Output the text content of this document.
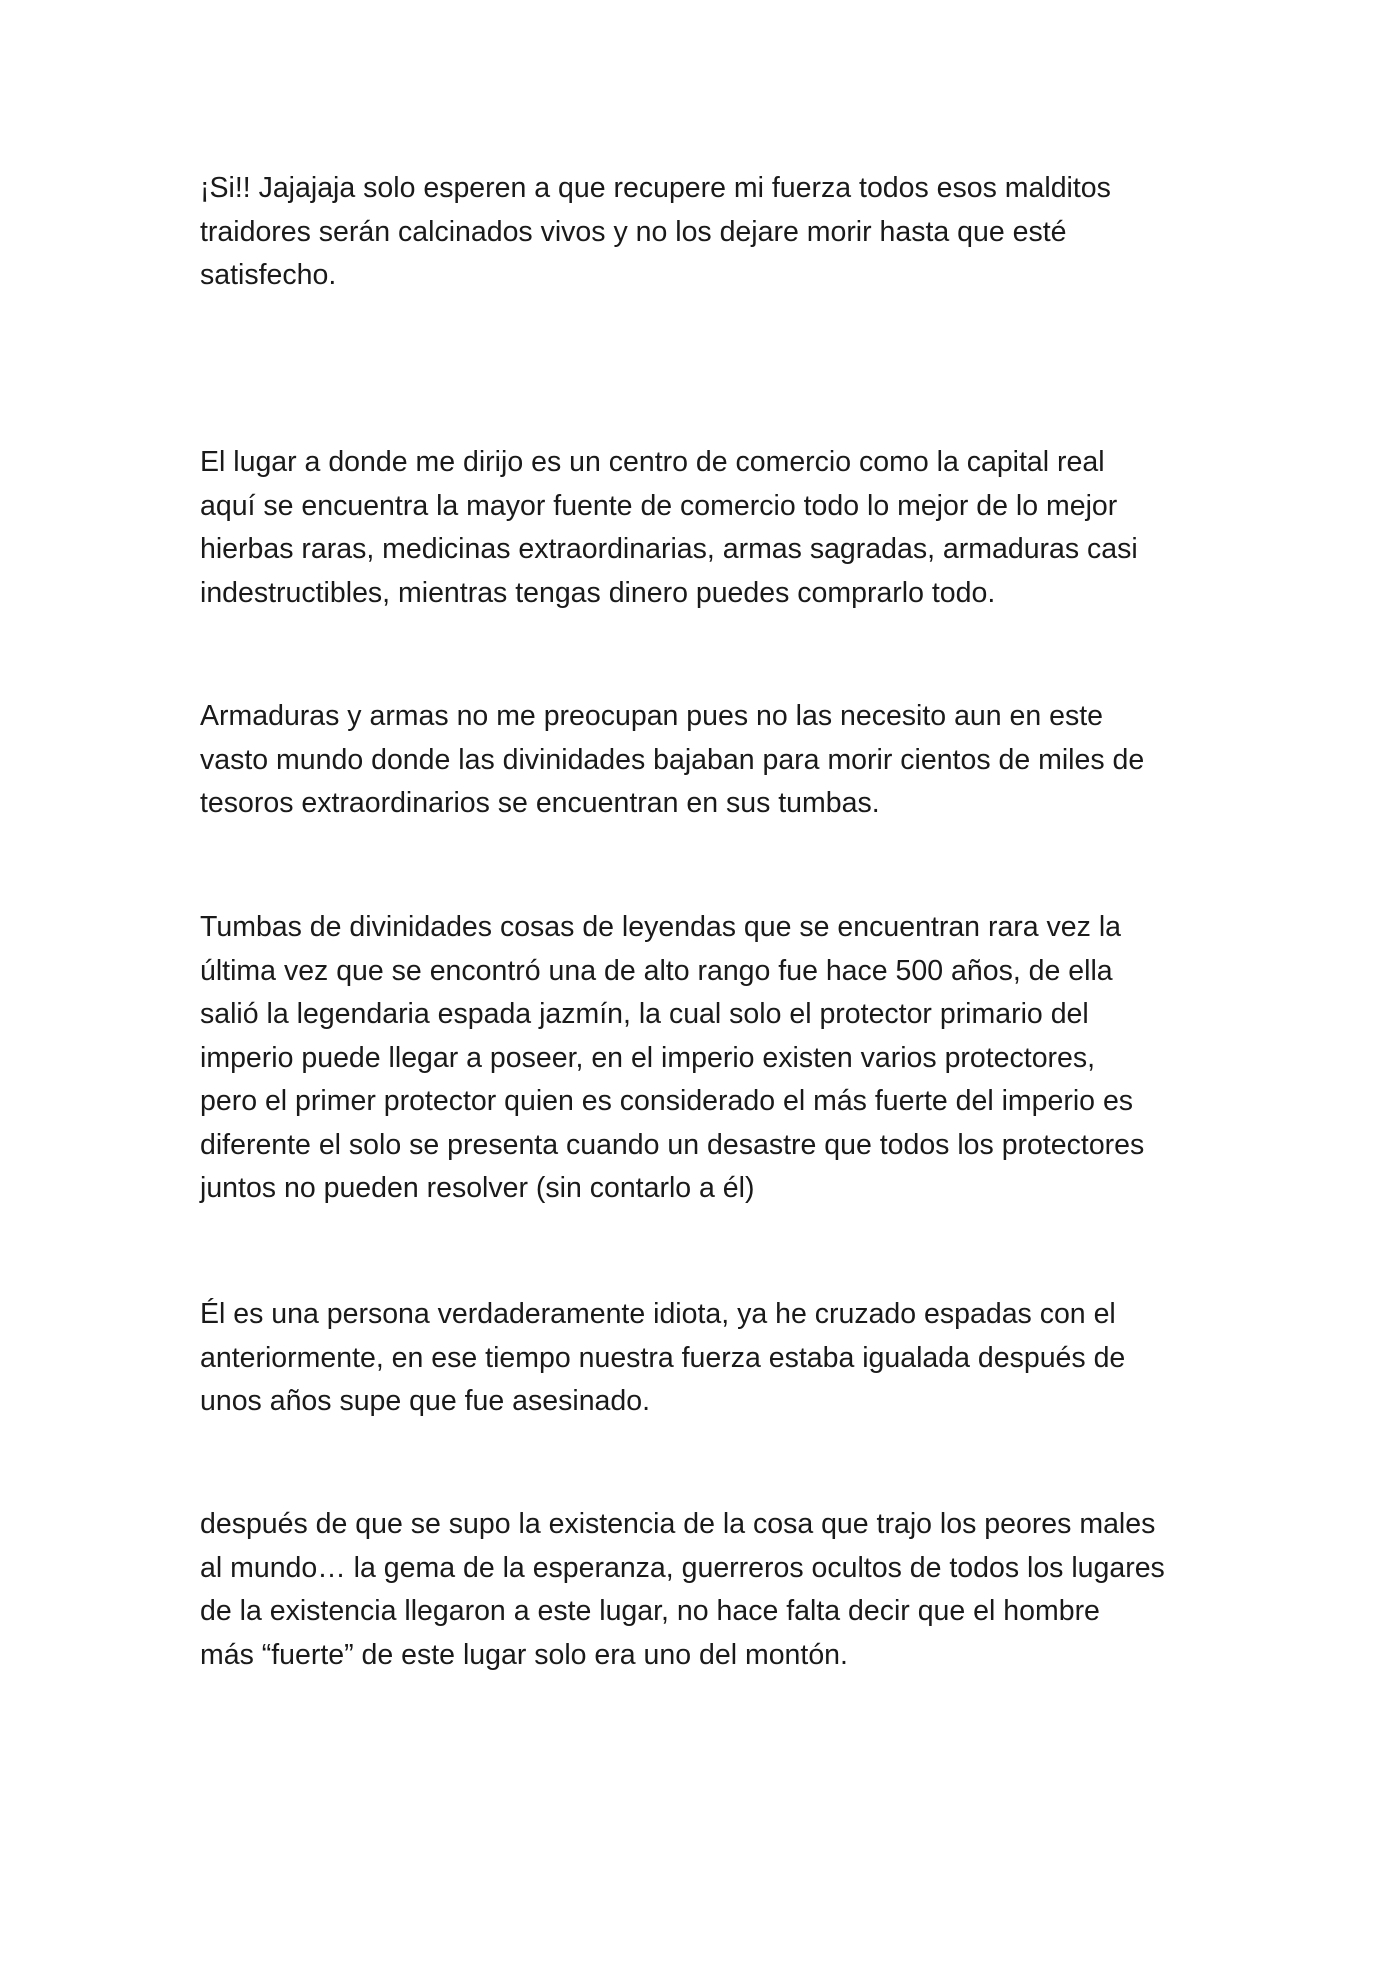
¡Si!! Jajajaja solo esperen a que recupere mi fuerza todos esos malditos
traidores serán calcinados vivos y no los dejare morir hasta que esté
satisfecho.

El lugar a donde me dirijo es un centro de comercio como la capital real
aquí se encuentra la mayor fuente de comercio todo lo mejor de lo mejor
hierbas raras, medicinas extraordinarias, armas sagradas, armaduras casi
indestructibles, mientras tengas dinero puedes comprarlo todo.

Armaduras y armas no me preocupan pues no las necesito aun en este
vasto mundo donde las divinidades bajaban para morir cientos de miles de
tesoros extraordinarios se encuentran en sus tumbas.

Tumbas de divinidades cosas de leyendas que se encuentran rara vez la
última vez que se encontró una de alto rango fue hace 500 años, de ella
salió la legendaria espada jazmín, la cual solo el protector primario del
imperio puede llegar a poseer, en el imperio existen varios protectores,
pero el primer protector quien es considerado el más fuerte del imperio es
diferente el solo se presenta cuando un desastre que todos los protectores
juntos no pueden resolver (sin contarlo a él)

Él es una persona verdaderamente idiota, ya he cruzado espadas con el
anteriormente, en ese tiempo nuestra fuerza estaba igualada después de
unos años supe que fue asesinado.

después de que se supo la existencia de la cosa que trajo los peores males
al mundo… la gema de la esperanza, guerreros ocultos de todos los lugares
de la existencia llegaron a este lugar, no hace falta decir que el hombre
más “fuerte” de este lugar solo era uno del montón.
